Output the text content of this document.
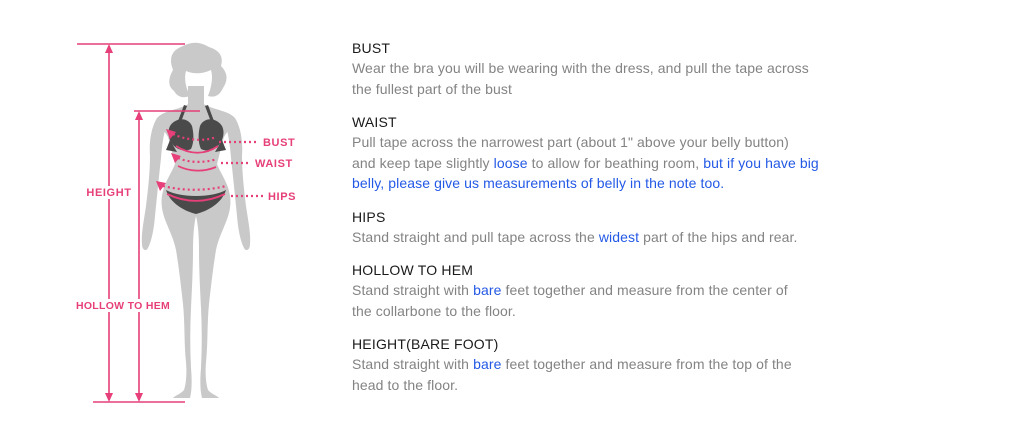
HEIGHT
HOLLOW TO HEM
BUST
WAIST
HIPS
BUST
Wear the bra you will be wearing with the dress, and pull the tape across
the fullest part of the bust
WAIST
Pull tape across the narrowest part (about 1" above your belly button)
and keep tape slightly loose to allow for beathing room, but if you have big
belly, please give us measurements of belly in the note too.
HIPS
Stand straight and pull tape across the widest part of the hips and rear.
HOLLOW TO HEM
Stand straight with bare feet together and measure from the center of
the collarbone to the floor.
HEIGHT(BARE FOOT)
Stand straight with bare feet together and measure from the top of the
head to the floor.
